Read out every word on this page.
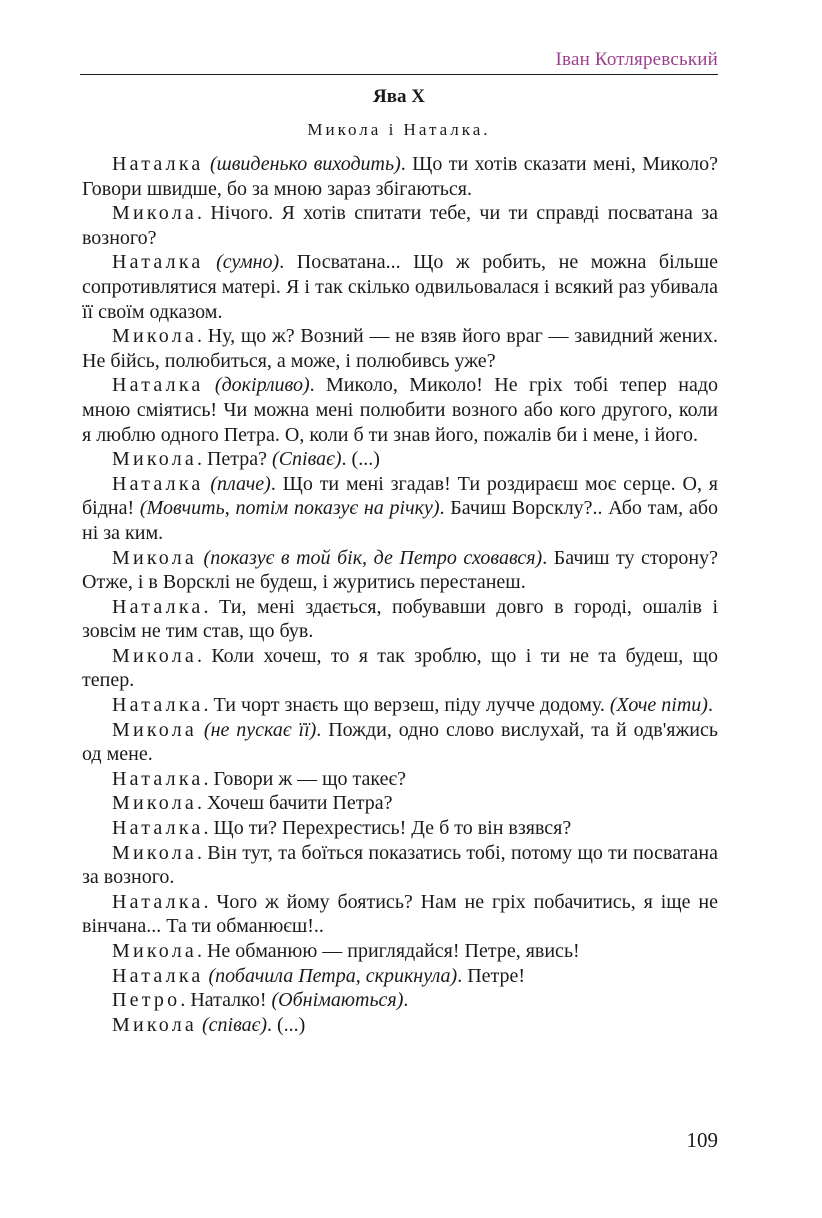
Іван Котляревський
Ява X
Микола і Наталка.

Наталка (швиденько виходить). Що ти хотів сказати мені, Миколо? Говори швидше, бо за мною зараз збігаються.

Микола. Нічого. Я хотів спитати тебе, чи ти справді посватана за возного?

Наталка (сумно). Посватана... Що ж робить, не можна більше сопротивлятися матері. Я і так скілько одвильовалася і всякий раз убивала її своїм одказом.

Микола. Ну, що ж? Возний — не взяв його враг — завидний жених. Не бійсь, полюбиться, а може, і полюбивсь уже?

Наталка (докірливо). Миколо, Миколо! Не гріх тобі тепер надо мною сміятись! Чи можна мені полюбити возного або кого другого, коли я люблю одного Петра. О, коли б ти знав його, пожалів би і мене, і його.

Микола. Петра? (Співає). (...)

Наталка (плаче). Що ти мені згадав! Ти роздираєш моє серце. О, я бідна! (Мовчить, потім показує на річку). Бачиш Ворсклу?.. Або там, або ні за ким.

Микола (показує в той бік, де Петро сховався). Бачиш ту сторону? Отже, і в Ворсклі не будеш, і журитись перестанеш.

Наталка. Ти, мені здається, побувавши довго в городі, ошалів і зовсім не тим став, що був.

Микола. Коли хочеш, то я так зроблю, що і ти не та будеш, що тепер.

Наталка. Ти чорт знаєть що верзеш, піду лучче додому. (Хоче піти).

Микола (не пускає її). Пожди, одно слово вислухай, та й одв'яжись од мене.

Наталка. Говори ж — що такеє?

Микола. Хочеш бачити Петра?

Наталка. Що ти? Перехрестись! Де б то він взявся?

Микола. Він тут, та боїться показатись тобі, потому що ти посватана за возного.

Наталка. Чого ж йому боятись? Нам не гріх побачитись, я іще не вінчана... Та ти обманюєш!..

Микола. Не обманюю — приглядайся! Петре, явись!

Наталка (побачила Петра, скрикнула). Петре!

Петро. Наталко! (Обнімаються).

Микола (співає). (...)

109
